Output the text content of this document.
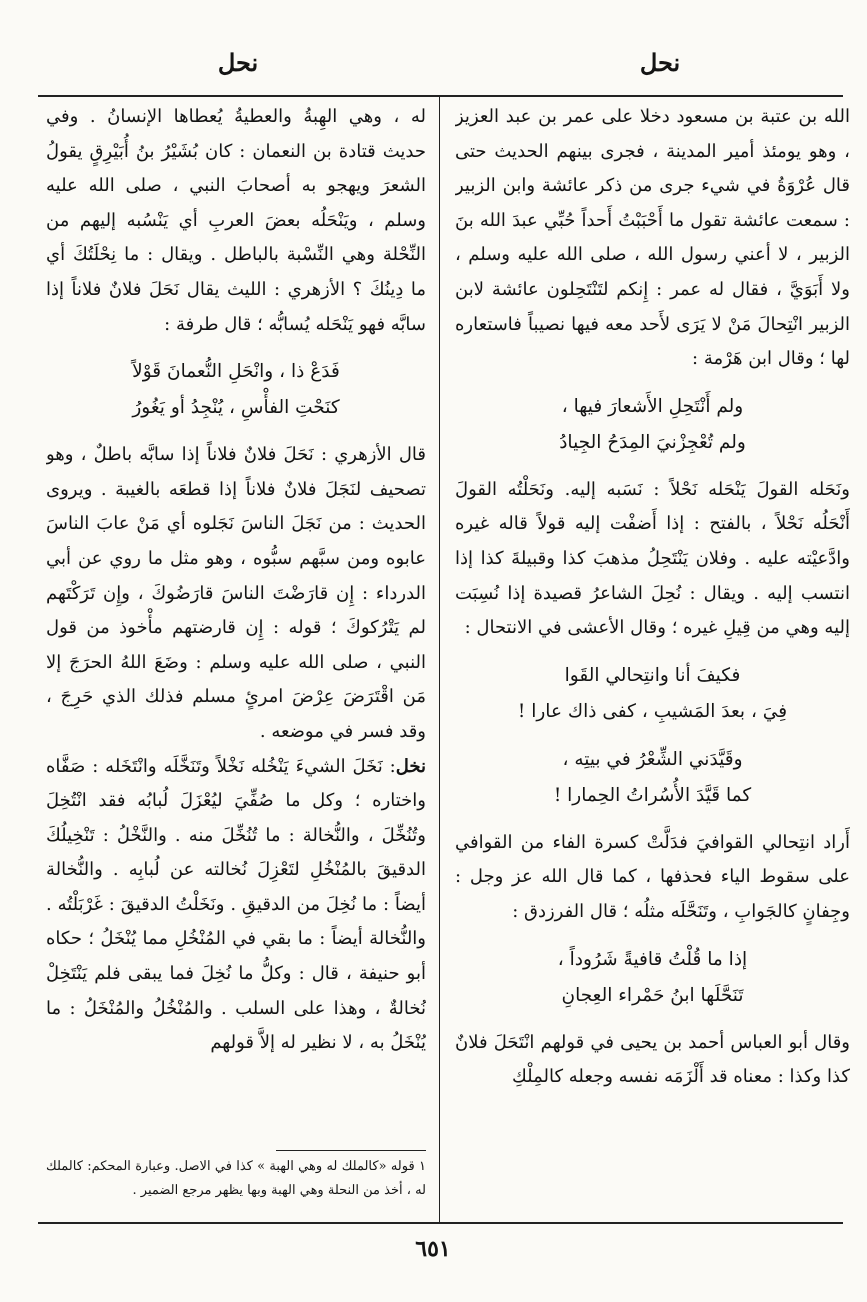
نحل
نحل

الله بن عتبة بن مسعود دخلا على عمر بن عبد العزيز ، وهو يومئذ أمير المدينة ، فجرى بينهم الحديث حتى قال عُرْوَةُ في شيء جرى من ذكر عائشة وابن الزبير : سمعت عائشة تقول ما أَحْبَبْتُ أَحداً حُبِّي عبدَ الله بنَ الزبير ، لا أعني رسول الله ، صلى الله عليه وسلم ، ولا أَبَوَيَّ ، فقال له عمر : إِنكم لتَنْتَحِلون عائشة لابن الزبير انْتِحالَ مَنْ لا يَرَى لأَحد معه فيها نصيباً فاستعاره لها ؛ وقال ابن هَرْمة :

ولم أَنْتَحِلِ الأَشعارَ فيها ،
ولم تُعْجِزْنيَ المِدَحُ الجِيادُ

ونَحَله القولَ يَنْحَله نَحْلاً : نَسَبه إليه. ونَحَلْتُه القولَ أَنْحَلُه نَحْلاً ، بالفتح : إذا أَضفْت إليه قولاً قاله غيره وادَّعيْته عليه . وفلان يَنْتَحِلُ مذهبَ كذا وقبيلةَ كذا إذا انتسب إليه . ويقال : نُحِلَ الشاعرُ قصيدة إذا نُسِبَت إليه وهي من قِيلِ غيره ؛ وقال الأعشى في الانتحال :

فكيفَ أنا وانتِحالي القَوا
فِيَ ، بعدَ المَشيبِ ، كفى ذاك عارا !
وقَيَّدَني الشِّعْرُ في بيتِه ،
كما قَيَّدَ الأُسُراتُ الحِمارا !

أَراد انتِحالي القوافيَ فدَلَّتْ كسرة الفاء من القوافي على سقوط الياء فحذفها ، كما قال الله عز وجل : وجِفانٍ كالجَوابِ ، وتَنَحَّلَه مثلُه ؛ قال الفرزدق :

إذا ما قُلْتُ قافيةً شَرُوداً ،
تَنَحَّلَها ابنُ حَمْراء العِجانِ

وقال أبو العباس أحمد بن يحيى في قولهم انْتَحَلَ فلانٌ كذا وكذا : معناه قد أَلْزَمَه نفسه وجعله كالمِلْكِ

له ، وهي الهِبةُ والعطيةُ يُعطاها الإنسانُ . وفي حديث قتادة بن النعمان : كان بُشَيْرُ بنُ أُبَيْرِقٍ يقولُ الشعرَ ويهجو به أصحابَ النبي ، صلى الله عليه وسلم ، ويَنْحَلُه بعضَ العربِ أي يَنْسُبه إليهم من النِّحْلة وهي النِّسْبة بالباطل . ويقال : ما نِحْلَتُكَ أي ما دِينُكَ ؟ الأزهري : الليث يقال نَحَلَ فلانٌ فلاناً إذا سابَّه فهو يَنْحَله يُسابُّه ؛ قال طرفة :

فَدَعْ ذا ، وانْحَلِ النُّعمانَ قَوْلاً
كنَحْتِ الفأْسِ ، يُنْجِدُ أو يَغُورُ

قال الأزهري : نَحَلَ فلانٌ فلاناً إذا سابَّه باطلٌ ، وهو تصحيف لنَجَلَ فلانٌ فلاناً إذا قطعَه بالغيبة . ويروى الحديث : من نَجَلَ الناسَ نَجَلوه أي مَنْ عابَ الناسَ عابوه ومن سبَّهم سبُّوه ، وهو مثل ما روي عن أبي الدرداء : إِن قارَضْتَ الناسَ قارَضُوكَ ، وإِن تَرَكْتَهم لم يَتْرُكوكَ ؛ قوله : إِن قارضتهم مأْخوذ من قول النبي ، صلى الله عليه وسلم : وضَعَ اللهُ الحرَجَ إلا مَن اقْتَرَضَ عِرْضَ امرئٍ مسلم فذلك الذي حَرِجَ ، وقد فسر في موضعه .

نخل: نَخَلَ الشيءَ يَنْخُله نَخْلاً وتَنَخَّلَه وانْتَخَله : صَفَّاه واختاره ؛ وكل ما صُفِّيَ ليُعْزَلَ لُبابُه فقد انْتُخِلَ وتُنُخِّلَ ، والنُّخالة : ما تُنُخِّلَ منه . والنَّخْلُ : تَنْخِيلُكَ الدقيقَ بالمُنْخُلِ لتَعْزِلَ نُخالته عن لُبابِه . والنُّخالة أيضاً : ما نُخِلَ من الدقيقِ . ونَخَلْتُ الدقيقَ : غَرْبَلْتُه . والنُّخالة أيضاً : ما بقي في المُنْخُلِ مما يُنْخَلُ ؛ حكاه أبو حنيفة ، قال : وكلُّ ما نُخِلَ فما يبقى فلم يَنْتَخِلْ نُخالةٌ ، وهذا على السلب . والمُنْخُلُ والمُنْخَلُ : ما يُنْخَلُ به ، لا نظير له إلاَّ قولهم

١ قوله «كالملك له وهي الهبة » كذا في الاصل. وعبارة المحكم: كالملك له ، أخذ من النحلة وهي الهبة وبها يظهر مرجع الضمير .
٦٥١
